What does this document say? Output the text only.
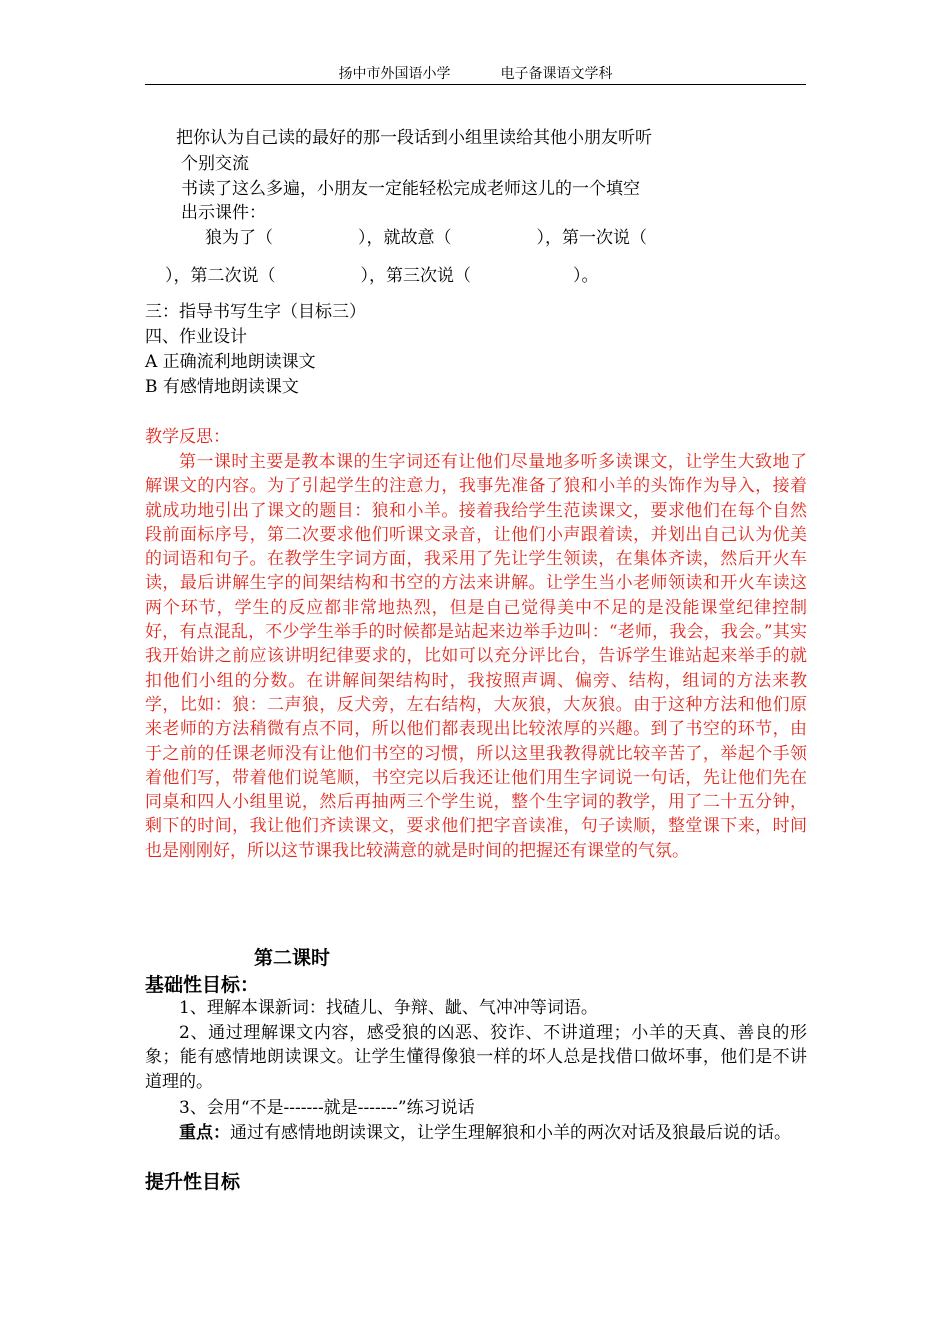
扬中市外国语小学	电子备课语文学科
把你认为自己读的最好的那一段话到小组里读给其他小朋友听听
个别交流
书读了这么多遍，小朋友一定能轻松完成老师这儿的一个填空
出示课件：
狼为了（　　　　　），就故意（　　　　　），第一次说（
），第二次说（　　　　　），第三次说（　　　　　　）。
三：指导书写生字（目标三）
四、作业设计
A 正确流利地朗读课文
B 有感情地朗读课文
教学反思：
第一课时主要是教本课的生字词还有让他们尽量地多听多读课文，让学生大致地了解课文的内容。为了引起学生的注意力，我事先准备了狼和小羊的头饰作为导入，接着就成功地引出了课文的题目：狼和小羊。接着我给学生范读课文，要求他们在每个自然段前面标序号，第二次要求他们听课文录音，让他们小声跟着读，并划出自己认为优美的词语和句子。在教学生字词方面，我采用了先让学生领读，在集体齐读，然后开火车读，最后讲解生字的间架结构和书空的方法来讲解。让学生当小老师领读和开火车读这两个环节，学生的反应都非常地热烈，但是自己觉得美中不足的是没能课堂纪律控制好，有点混乱，不少学生举手的时候都是站起来边举手边叫：“老师，我会，我会。”其实我开始讲之前应该讲明纪律要求的，比如可以充分评比台，告诉学生谁站起来举手的就扣他们小组的分数。在讲解间架结构时，我按照声调、偏旁、结构，组词的方法来教学，比如：狼：二声狼，反犬旁，左右结构，大灰狼，大灰狼。由于这种方法和他们原来老师的方法稍微有点不同，所以他们都表现出比较浓厚的兴趣。到了书空的环节，由于之前的任课老师没有让他们书空的习惯，所以这里我教得就比较辛苦了，举起个手领着他们写，带着他们说笔顺，书空完以后我还让他们用生字词说一句话，先让他们先在同桌和四人小组里说，然后再抽两三个学生说，整个生字词的教学，用了二十五分钟，剩下的时间，我让他们齐读课文，要求他们把字音读准，句子读顺，整堂课下来，时间也是刚刚好，所以这节课我比较满意的就是时间的把握还有课堂的气氛。
第二课时
基础性目标：
1、理解本课新词：找碴儿、争辩、龇、气冲冲等词语。
2、通过理解课文内容，感受狼的凶恶、狡诈、不讲道理；小羊的天真、善良的形象；能有感情地朗读课文。让学生懂得像狼一样的坏人总是找借口做坏事，他们是不讲道理的。
3、会用“不是-------就是-------”练习说话
重点：通过有感情地朗读课文，让学生理解狼和小羊的两次对话及狼最后说的话。
提升性目标
